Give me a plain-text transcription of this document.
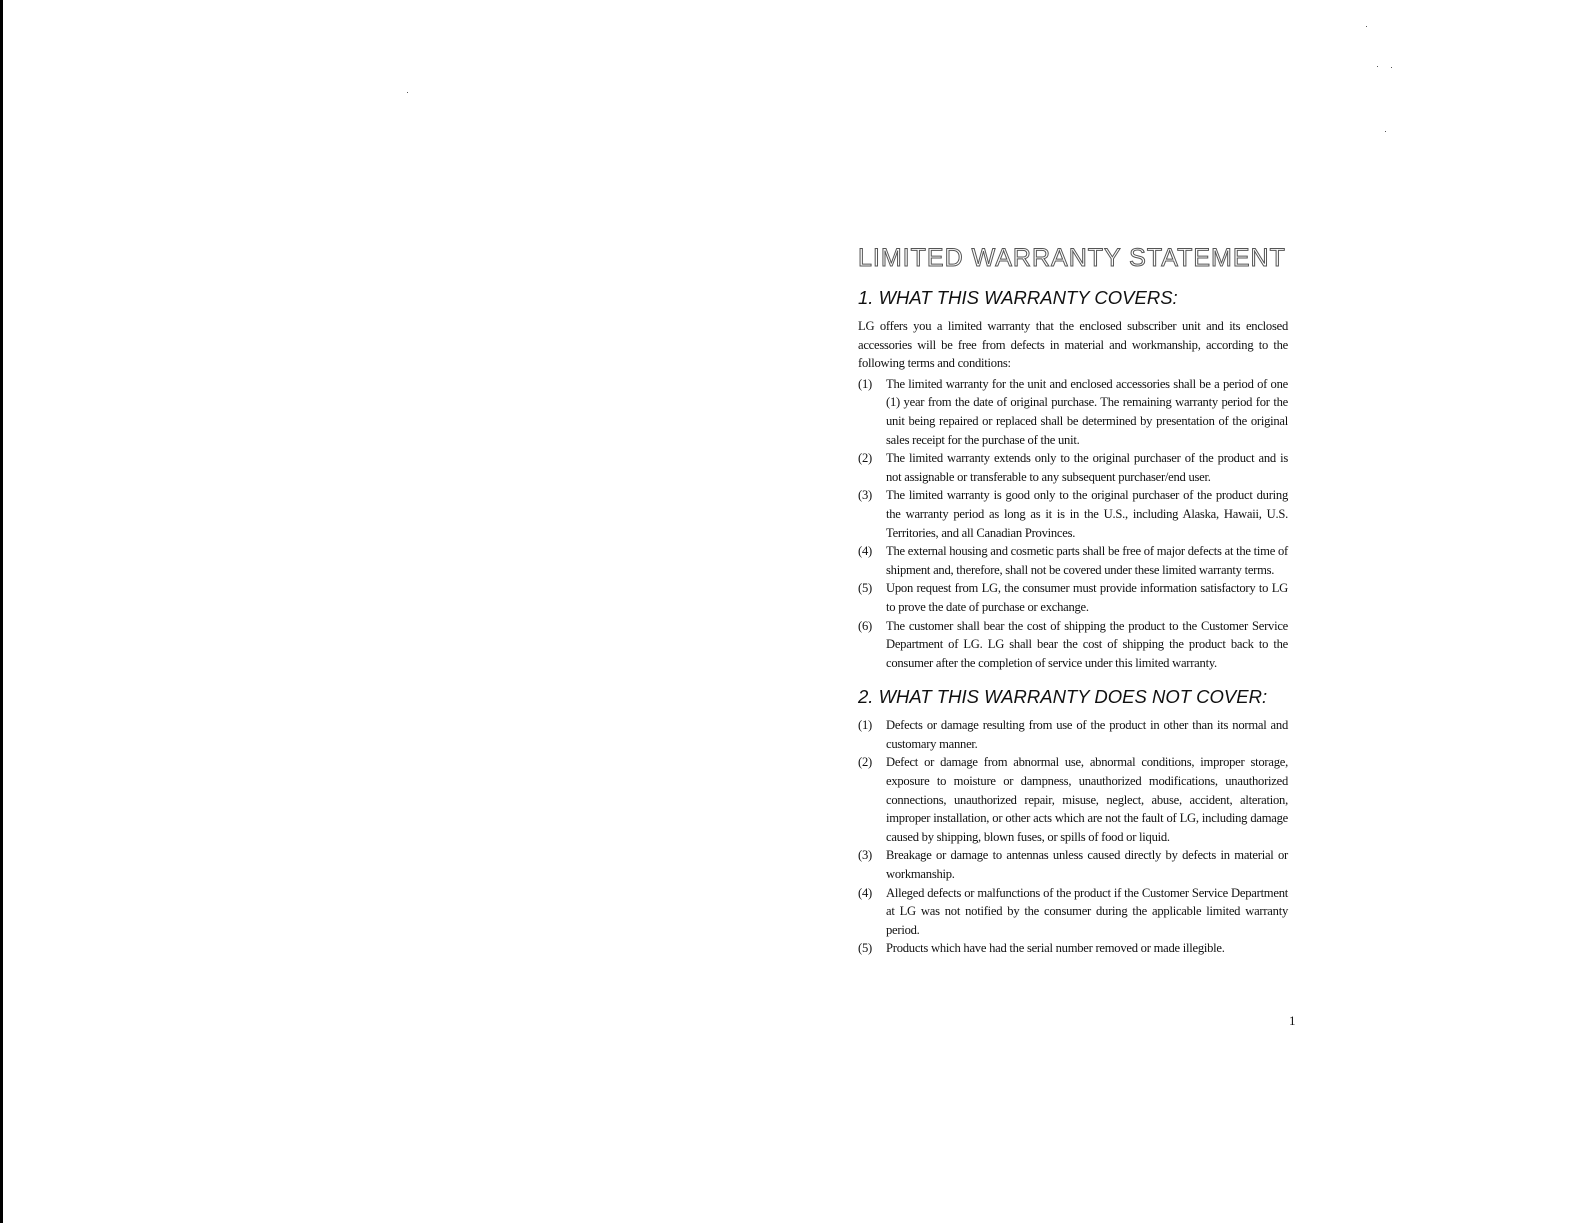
LIMITED WARRANTY STATEMENT
1. WHAT THIS WARRANTY COVERS:
LG offers you a limited warranty that the enclosed subscriber unit and its enclosed accessories will be free from defects in material and workmanship, according to the following terms and conditions:
(1)	The limited warranty for the unit and enclosed accessories shall be a period of one (1) year from the date of original purchase. The remaining warranty period for the unit being repaired or replaced shall be determined by presentation of the original sales receipt for the purchase of the unit.
(2)	The limited warranty extends only to the original purchaser of the product and is not assignable or transferable to any subsequent purchaser/end user.
(3)	The limited warranty is good only to the original purchaser of the product during the warranty period as long as it is in the U.S., including Alaska, Hawaii, U.S. Territories, and all Canadian Provinces.
(4)	The external housing and cosmetic parts shall be free of major defects at the time of shipment and, therefore, shall not be covered under these limited warranty terms.
(5)	Upon request from LG, the consumer must provide information satisfactory to LG to prove the date of purchase or exchange.
(6)	The customer shall bear the cost of shipping the product to the Customer Service Department of LG. LG shall bear the cost of shipping the product back to the consumer after the completion of service under this limited warranty.
2. WHAT THIS WARRANTY DOES NOT COVER:
(1)	Defects or damage resulting from use of the product in other than its normal and customary manner.
(2)	Defect or damage from abnormal use, abnormal conditions, improper storage, exposure to moisture or dampness, unauthorized modifications, unauthorized connections, unauthorized repair, misuse, neglect, abuse, accident, alteration, improper installation, or other acts which are not the fault of LG, including damage caused by shipping, blown fuses, or spills of food or liquid.
(3)	Breakage or damage to antennas unless caused directly by defects in material or workmanship.
(4)	Alleged defects or malfunctions of the product if the Customer Service Department at LG was not notified by the consumer during the applicable limited warranty period.
(5)	Products which have had the serial number removed or made illegible.
1
